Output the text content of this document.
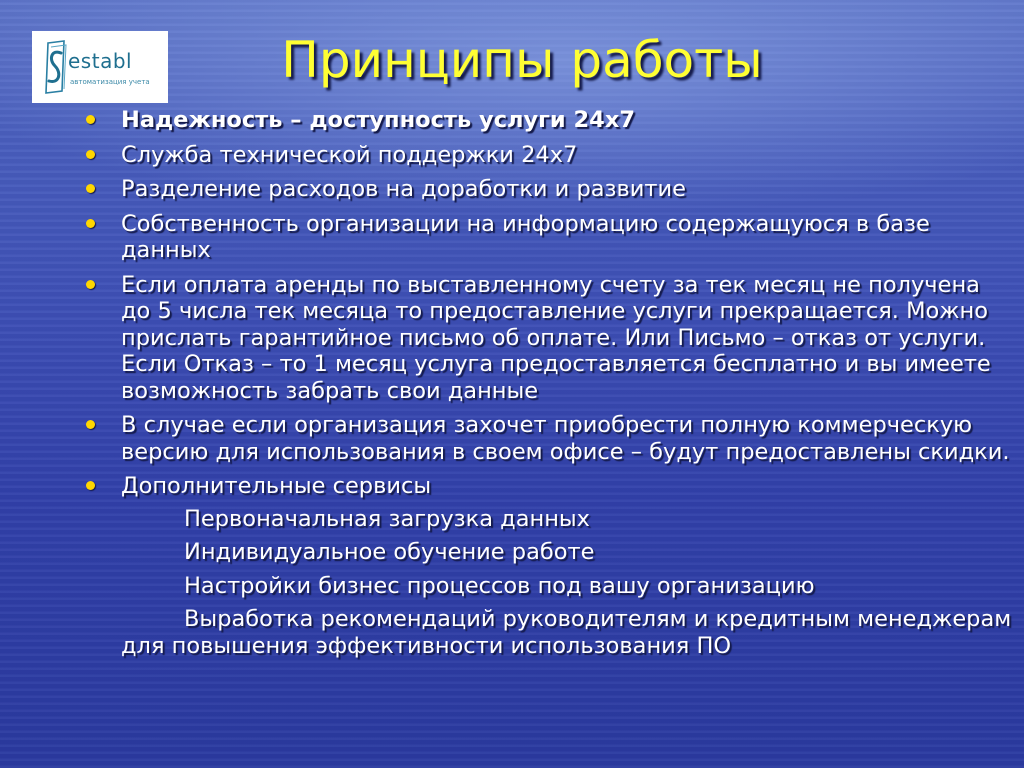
establ
автоматизация учета	Принципы работы
Надежность – доступность услуги 24х7
Служба технической поддержки 24х7
Разделение расходов на доработки и развитие
Собственность организации на информацию содержащуюся в базе данных
Если оплата аренды по выставленному счету за тек месяц не получена до 5 числа тек месяца то предоставление услуги прекращается. Можно прислать гарантийное письмо об оплате. Или Письмо – отказ от услуги. Если Отказ – то 1 месяц услуга предоставляется бесплатно и вы имеете возможность забрать свои данные
В случае если организация захочет приобрести полную коммерческую версию для использования в своем офисе – будут предоставлены скидки.
Дополнительные сервисы
Первоначальная загрузка данных
Индивидуальное обучение работе
Настройки бизнес процессов под вашу организацию
Выработка рекомендаций руководителям и кредитным менеджерам для повышения эффективности использования ПО
